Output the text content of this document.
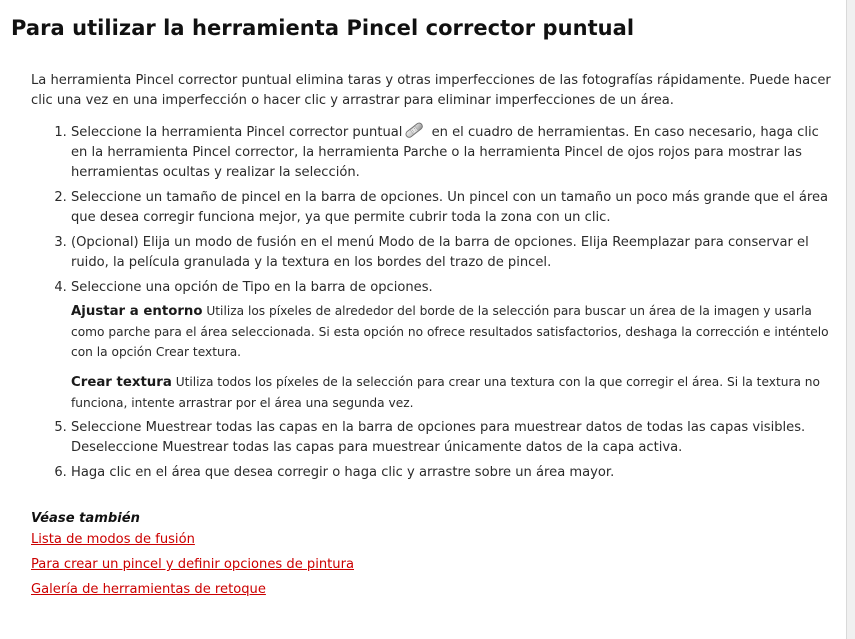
Para utilizar la herramienta Pincel corrector puntual

La herramienta Pincel corrector puntual elimina taras y otras imperfecciones de las fotografías rápidamente. Puede hacer clic una vez en una imperfección o hacer clic y arrastrar para eliminar imperfecciones de un área.

1. Seleccione la herramienta Pincel corrector puntual en el cuadro de herramientas. En caso necesario, haga clic en la herramienta Pincel corrector, la herramienta Parche o la herramienta Pincel de ojos rojos para mostrar las herramientas ocultas y realizar la selección.
2. Seleccione un tamaño de pincel en la barra de opciones. Un pincel con un tamaño un poco más grande que el área que desea corregir funciona mejor, ya que permite cubrir toda la zona con un clic.
3. (Opcional) Elija un modo de fusión en el menú Modo de la barra de opciones. Elija Reemplazar para conservar el ruido, la película granulada y la textura en los bordes del trazo de pincel.
4. Seleccione una opción de Tipo en la barra de opciones.
Ajustar a entorno Utiliza los píxeles de alrededor del borde de la selección para buscar un área de la imagen y usarla como parche para el área seleccionada. Si esta opción no ofrece resultados satisfactorios, deshaga la corrección e inténtelo con la opción Crear textura.
Crear textura Utiliza todos los píxeles de la selección para crear una textura con la que corregir el área. Si la textura no funciona, intente arrastrar por el área una segunda vez.
5. Seleccione Muestrear todas las capas en la barra de opciones para muestrear datos de todas las capas visibles. Deseleccione Muestrear todas las capas para muestrear únicamente datos de la capa activa.
6. Haga clic en el área que desea corregir o haga clic y arrastre sobre un área mayor.
Véase también
Lista de modos de fusión
Para crear un pincel y definir opciones de pintura
Galería de herramientas de retoque
